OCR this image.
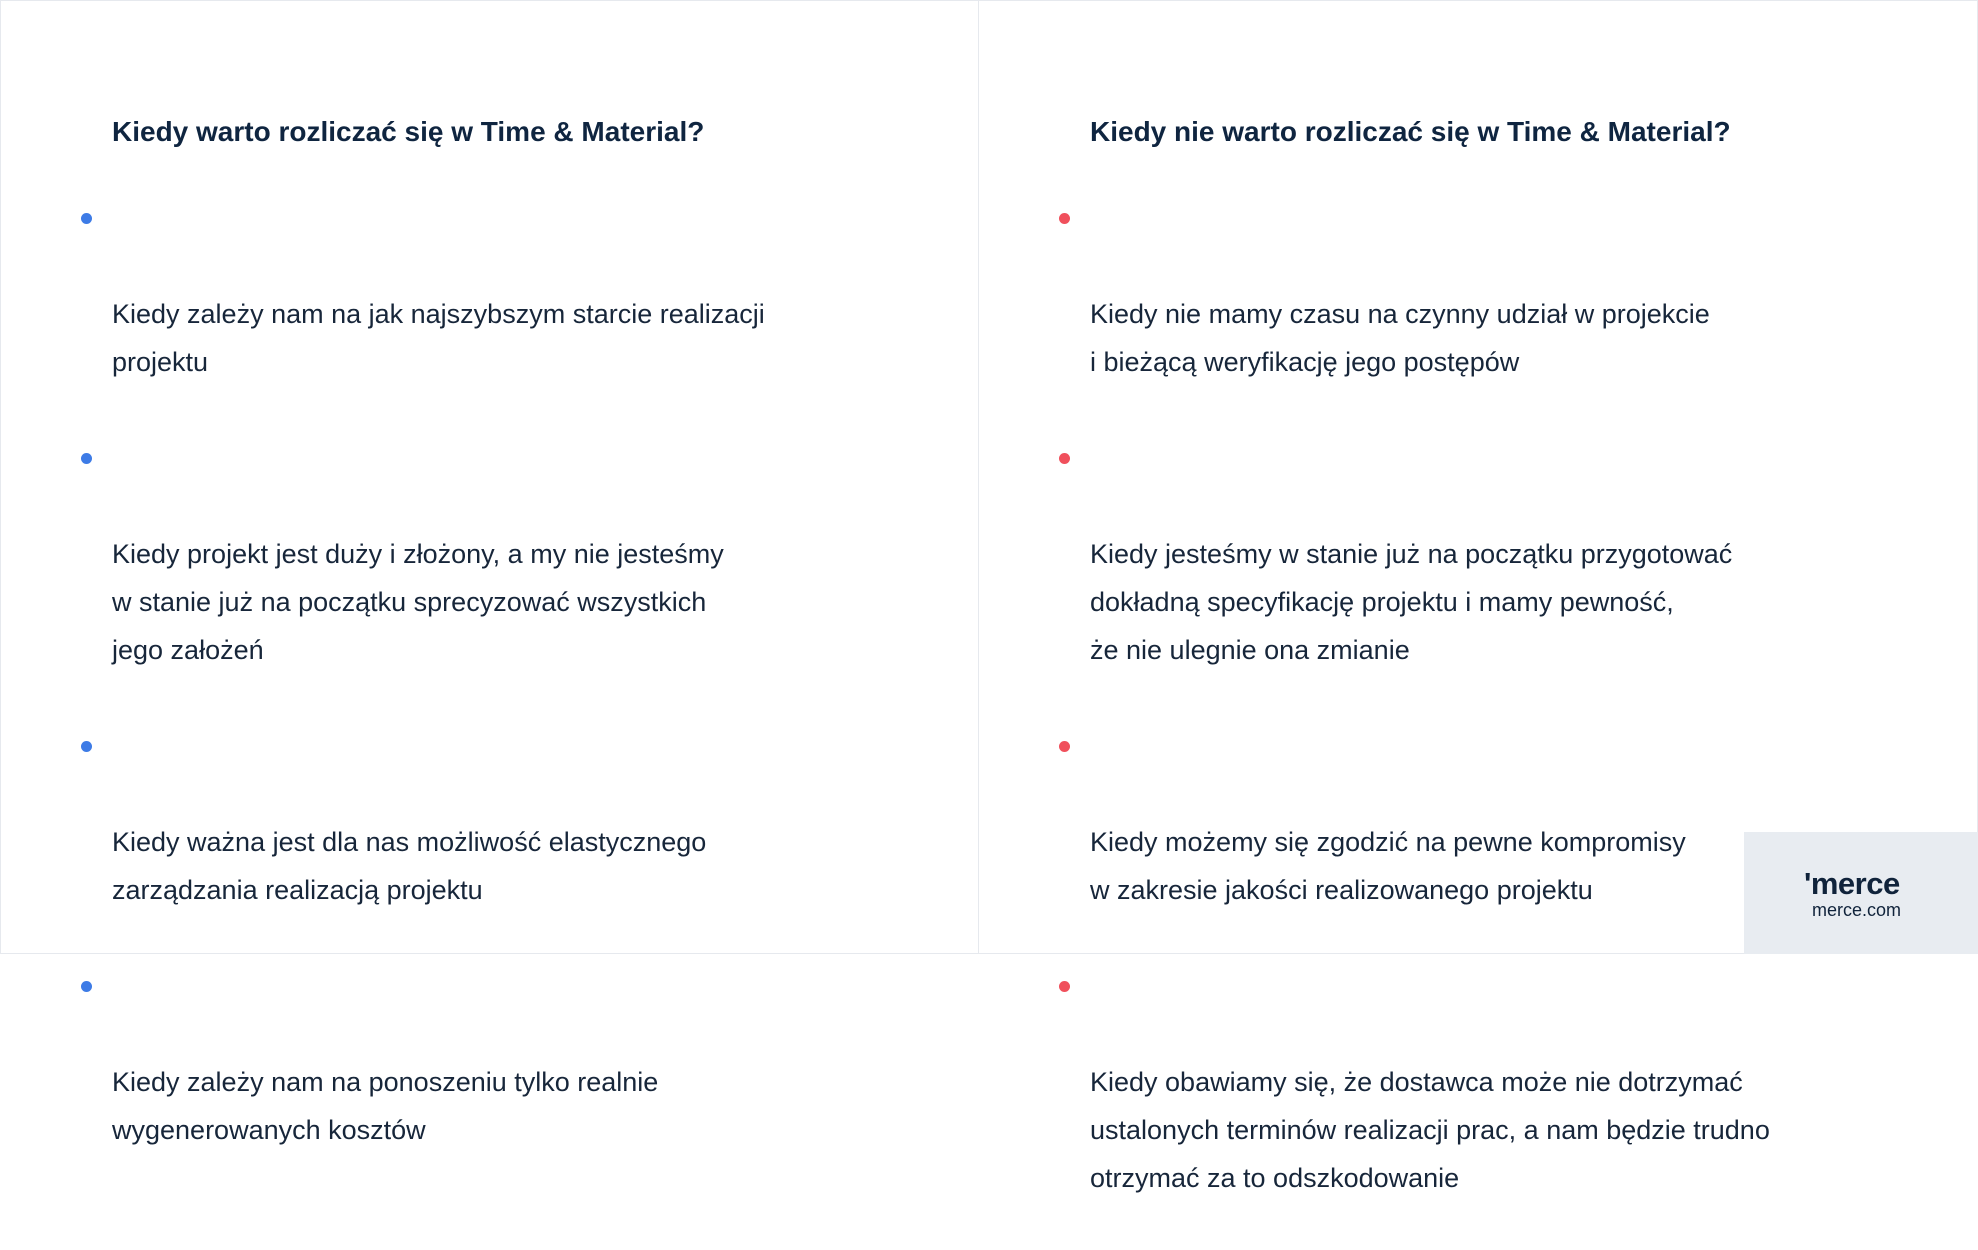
Kiedy warto rozliczać się w Time & Material?

Kiedy zależy nam na jak najszybszym starcie realizacji
projektu

Kiedy projekt jest duży i złożony, a my nie jesteśmy
w stanie już na początku sprecyzować wszystkich
jego założeń

Kiedy ważna jest dla nas możliwość elastycznego
zarządzania realizacją projektu

Kiedy zależy nam na ponoszeniu tylko realnie
wygenerowanych kosztów

Kiedy nie warto rozliczać się w Time & Material?

Kiedy nie mamy czasu na czynny udział w projekcie
i bieżącą weryfikację jego postępów

Kiedy jesteśmy w stanie już na początku przygotować
dokładną specyfikację projektu i mamy pewność,
że nie ulegnie ona zmianie

Kiedy możemy się zgodzić na pewne kompromisy
w zakresie jakości realizowanego projektu

Kiedy obawiamy się, że dostawca może nie dotrzymać
ustalonych terminów realizacji prac, a nam będzie trudno
otrzymać za to odszkodowanie

'merce
merce.com
